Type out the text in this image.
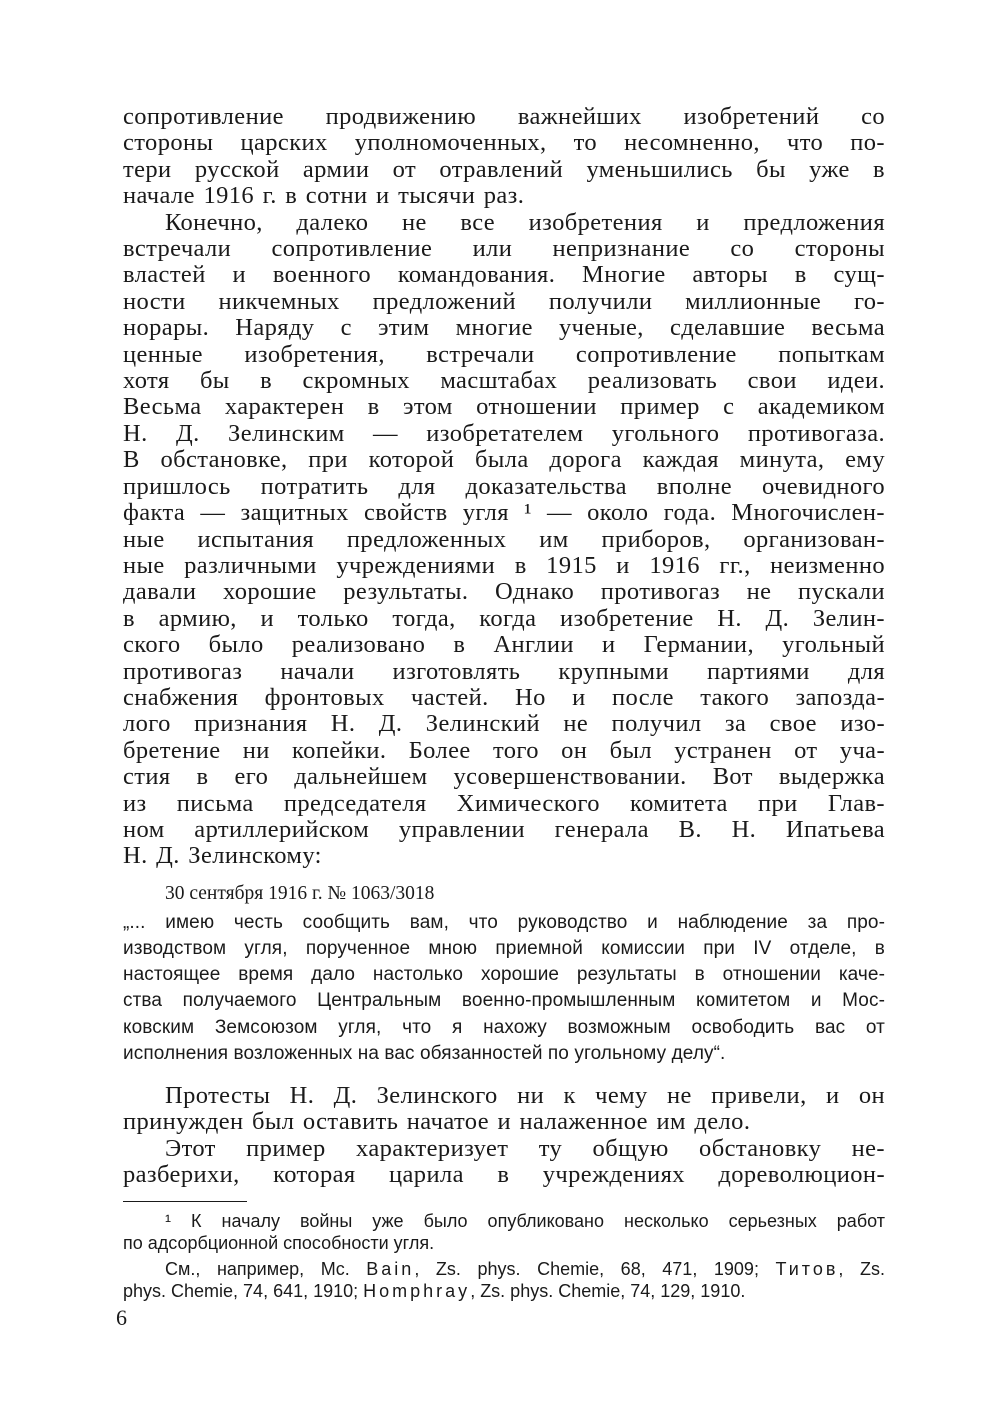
сопротивление продвижению важнейших изобретений со
стороны царских уполномоченных, то несомненно, что по-
тери русской армии от отравлений уменьшились бы уже в
начале 1916 г. в сотни и тысячи раз.

Конечно, далеко не все изобретения и предложения
встречали сопротивление или непризнание со стороны
властей и военного командования. Многие авторы в сущ-
ности никчемных предложений получили миллионные го-
норары. Наряду с этим многие ученые, сделавшие весьма
ценные изобретения, встречали сопротивление попыткам
хотя бы в скромных масштабах реализовать свои идеи.
Весьма характерен в этом отношении пример с академиком
Н. Д. Зелинским — изобретателем угольного противогаза.
В обстановке, при которой была дорога каждая минута, ему
пришлось потратить для доказательства вполне очевидного
факта — защитных свойств угля ¹ — около года. Многочислен-
ные испытания предложенных им приборов, организован-
ные различными учреждениями в 1915 и 1916 гг., неизменно
давали хорошие результаты. Однако противогаз не пускали
в армию, и только тогда, когда изобретение Н. Д. Зелин-
ского было реализовано в Англии и Германии, угольный
противогаз начали изготовлять крупными партиями для
снабжения фронтовых частей. Но и после такого запозда-
лого признания Н. Д. Зелинский не получил за свое изо-
бретение ни копейки. Более того он был устранен от уча-
стия в его дальнейшем усовершенствовании. Вот выдержка
из письма председателя Химического комитета при Глав-
ном артиллерийском управлении генерала В. Н. Ипатьева
Н. Д. Зелинскому:

30 сентября 1916 г. № 1063/3018

„... имею честь сообщить вам, что руководство и наблюдение за про-
изводством угля, порученное мною приемной комиссии при IV отделе, в
настоящее время дало настолько хорошие результаты в отношении каче-
ства получаемого Центральным военно-промышленным комитетом и Мос-
ковским Земсоюзом угля, что я нахожу возможным освободить вас от
исполнения возложенных на вас обязанностей по угольному делу“.

Протесты Н. Д. Зелинского ни к чему не привели, и он
принужден был оставить начатое и налаженное им дело.

Этот пример характеризует ту общую обстановку не-
разберихи, которая царила в учреждениях дореволюцион-

¹ К началу войны уже было опубликовано несколько серьезных работ
по адсорбционной способности угля.

См., например, Mc. Bain, Zs. phys. Chemie, 68, 471, 1909; Титов, Zs.
phys. Chemie, 74, 641, 1910; Homphray, Zs. phys. Chemie, 74, 129, 1910.

6
